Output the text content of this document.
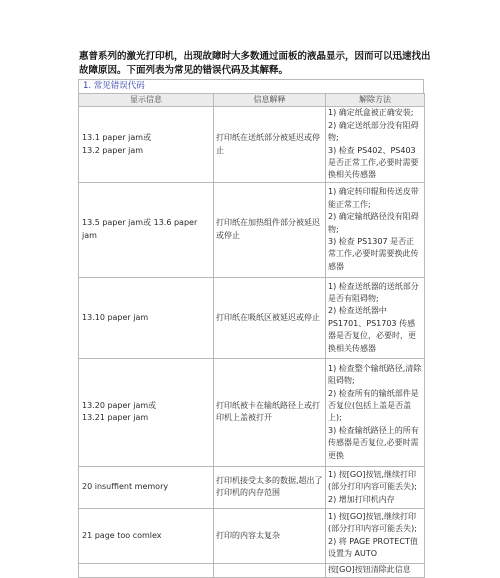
惠普系列的激光打印机，出现故障时大多数通过面板的液晶显示，因而可以迅速找出故障原因。下面列表为常见的错误代码及其解释。
1. 常见错误代码
显示信息	信息解释	解除方法
13.1 paper jam或
13.2 paper jam	打印纸在送纸部分被延迟或停止	1) 确定纸盒被正确安装;
2) 确定送纸部分没有阻碍物;
3) 检查 PS402、PS403 是否正常工作,必要时需要换相关传感器
13.5 paper jam或 13.6 paper jam	打印纸在加热组件部分被延迟或停止	1) 确定转印辊和传送皮带能正常工作;
2) 确定输纸路径没有阻碍物;
3) 检查 PS1307 是否正常工作,必要时需要换此传感器
13.10 paper jam	打印纸在吸纸区被延迟或停止	1) 检查送纸器的送纸部分是否有阻碍物;
2) 检查送纸器中 PS1701、PS1703 传感器是否复位，必要时，更换相关传感器
13.20 paper jam或
13.21 paper jam	打印纸被卡在输纸路径上或打印机上盖被打开	1) 检查整个输纸路径,清除阻碍物;
2) 检查所有的输纸部件是否复位(包括上盖是否盖上);
3) 检查输纸路径上的所有传感器是否复位,必要时需更换
20 insuffient memory	打印机接受太多的数据,超出了打印机的内存范围	1) 按[GO]按钮,继续打印(部分打印内容可能丢失);
2) 增加打印机内存
21 page too comlex	打印的内容太复杂	1) 按[GO]按钮,继续打印(部分打印内容可能丢失);
2) 将 PAGE PROTECT值设置为 AUTO
		按[GO]按钮清除此信息
